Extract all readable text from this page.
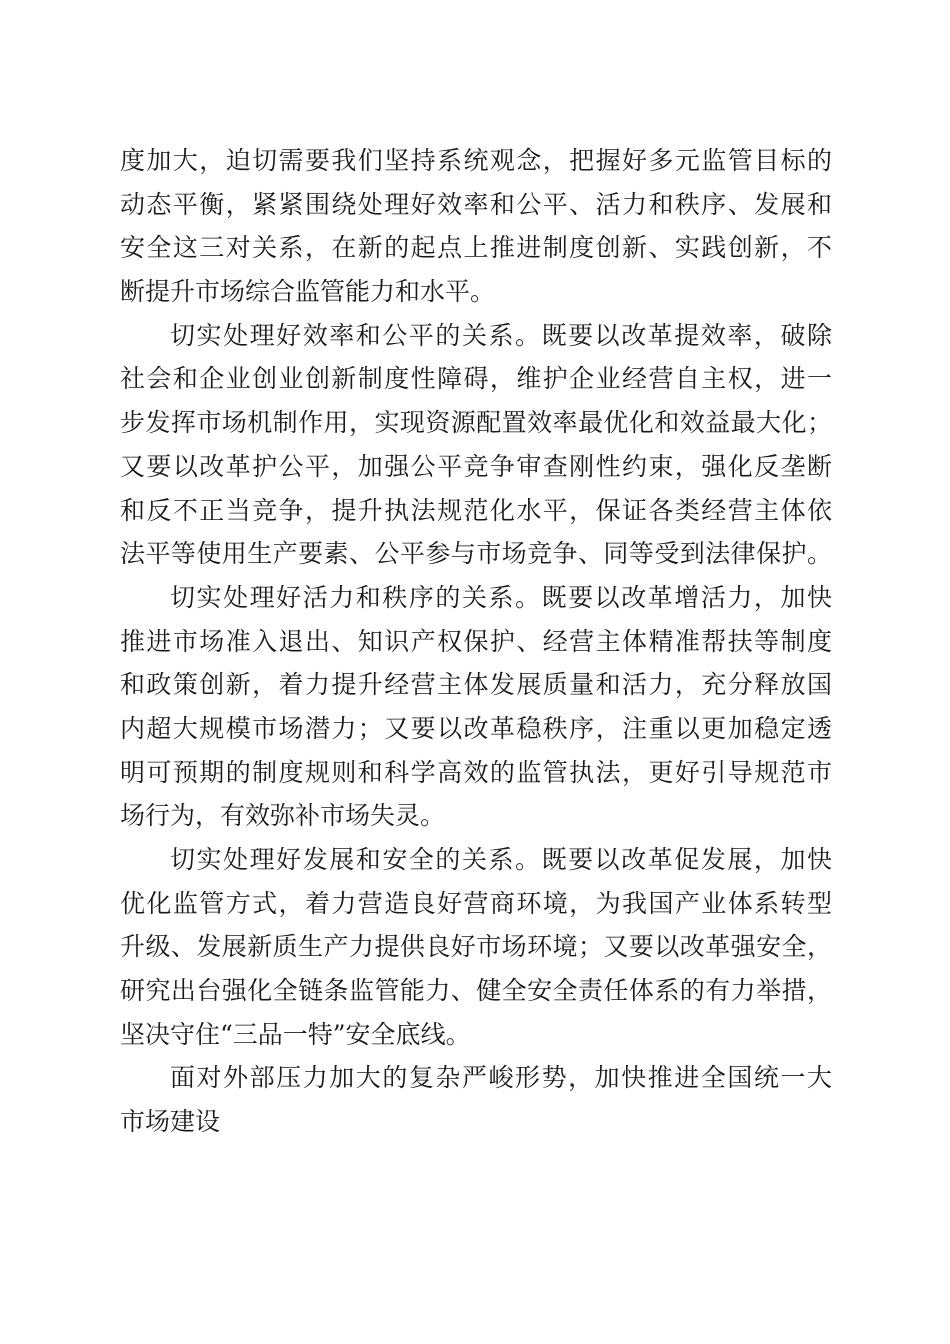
度加大，迫切需要我们坚持系统观念，把握好多元监管目标的
动态平衡，紧紧围绕处理好效率和公平、活力和秩序、发展和
安全这三对关系，在新的起点上推进制度创新、实践创新，不
断提升市场综合监管能力和水平。
切实处理好效率和公平的关系。既要以改革提效率，破除
社会和企业创业创新制度性障碍，维护企业经营自主权，进一
步发挥市场机制作用，实现资源配置效率最优化和效益最大化；
又要以改革护公平，加强公平竞争审查刚性约束，强化反垄断
和反不正当竞争，提升执法规范化水平，保证各类经营主体依
法平等使用生产要素、公平参与市场竞争、同等受到法律保护。
切实处理好活力和秩序的关系。既要以改革增活力，加快
推进市场准入退出、知识产权保护、经营主体精准帮扶等制度
和政策创新，着力提升经营主体发展质量和活力，充分释放国
内超大规模市场潜力；又要以改革稳秩序，注重以更加稳定透
明可预期的制度规则和科学高效的监管执法，更好引导规范市
场行为，有效弥补市场失灵。
切实处理好发展和安全的关系。既要以改革促发展，加快
优化监管方式，着力营造良好营商环境，为我国产业体系转型
升级、发展新质生产力提供良好市场环境；又要以改革强安全，
研究出台强化全链条监管能力、健全安全责任体系的有力举措，
坚决守住“三品一特”安全底线。
面对外部压力加大的复杂严峻形势，加快推进全国统一大
市场建设
